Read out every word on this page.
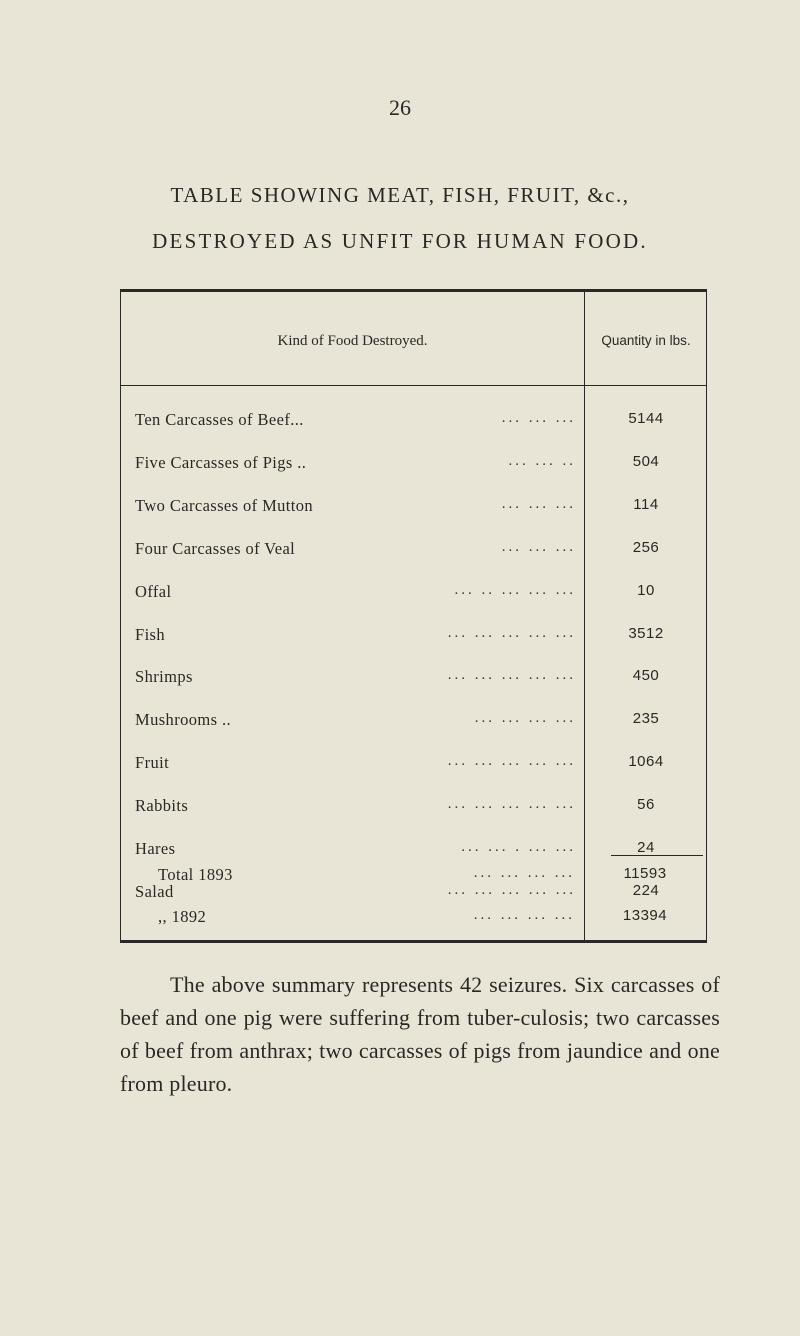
26
TABLE SHOWING MEAT, FISH, FRUIT, &c.,
DESTROYED AS UNFIT FOR HUMAN FOOD.
Kind of Food Destroyed.	Quantity in lbs.
Ten Carcasses of Beef...	... ... ...	5144
Five Carcasses of Pigs ..	... ... ..	504
Two Carcasses of Mutton	... ... ...	114
Four Carcasses of Veal	... ... ...	256
Offal	... .. ... ... ...	10
Fish	... ... ... ... ...	3512
Shrimps	... ... ... ... ...	450
Mushrooms ..	... ... ... ...	235
Fruit	... ... ... ... ...	1064
Rabbits	... ... ... ... ...	56
Hares	... ... . ... ...	24
Salad	... ... ... ... ...	224
Total 1893	... ... ... ...	11593
,, 1892	... ... ... ...	13394

The above summary represents 42 seizures. Six carcasses of beef and one pig were suffering from tuber-culosis; two carcasses of beef from anthrax; two carcasses of pigs from jaundice and one from pleuro.
